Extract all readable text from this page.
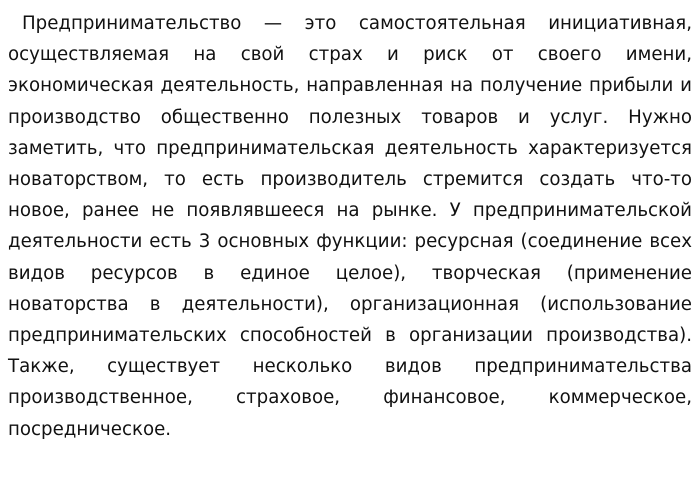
Предпринимательство — это самостоятельная инициативная, осуществляемая на свой страх и риск от своего имени, экономическая деятельность, направленная на получение прибыли и производство общественно полезных товаров и услуг. Нужно заметить, что предпринимательская деятельность характеризуется новаторством, то есть производитель стремится создать что-то новое, ранее не появлявшееся на рынке. У предпринимательской деятельности есть 3 основных функции: ресурсная (соединение всех видов ресурсов в единое целое), творческая (применение новаторства в деятельности), организационная (использование предпринимательских способностей в организации производства). Также, существует несколько видов предпринимательства производственное, страховое, финансовое, коммерческое, посредническое.
